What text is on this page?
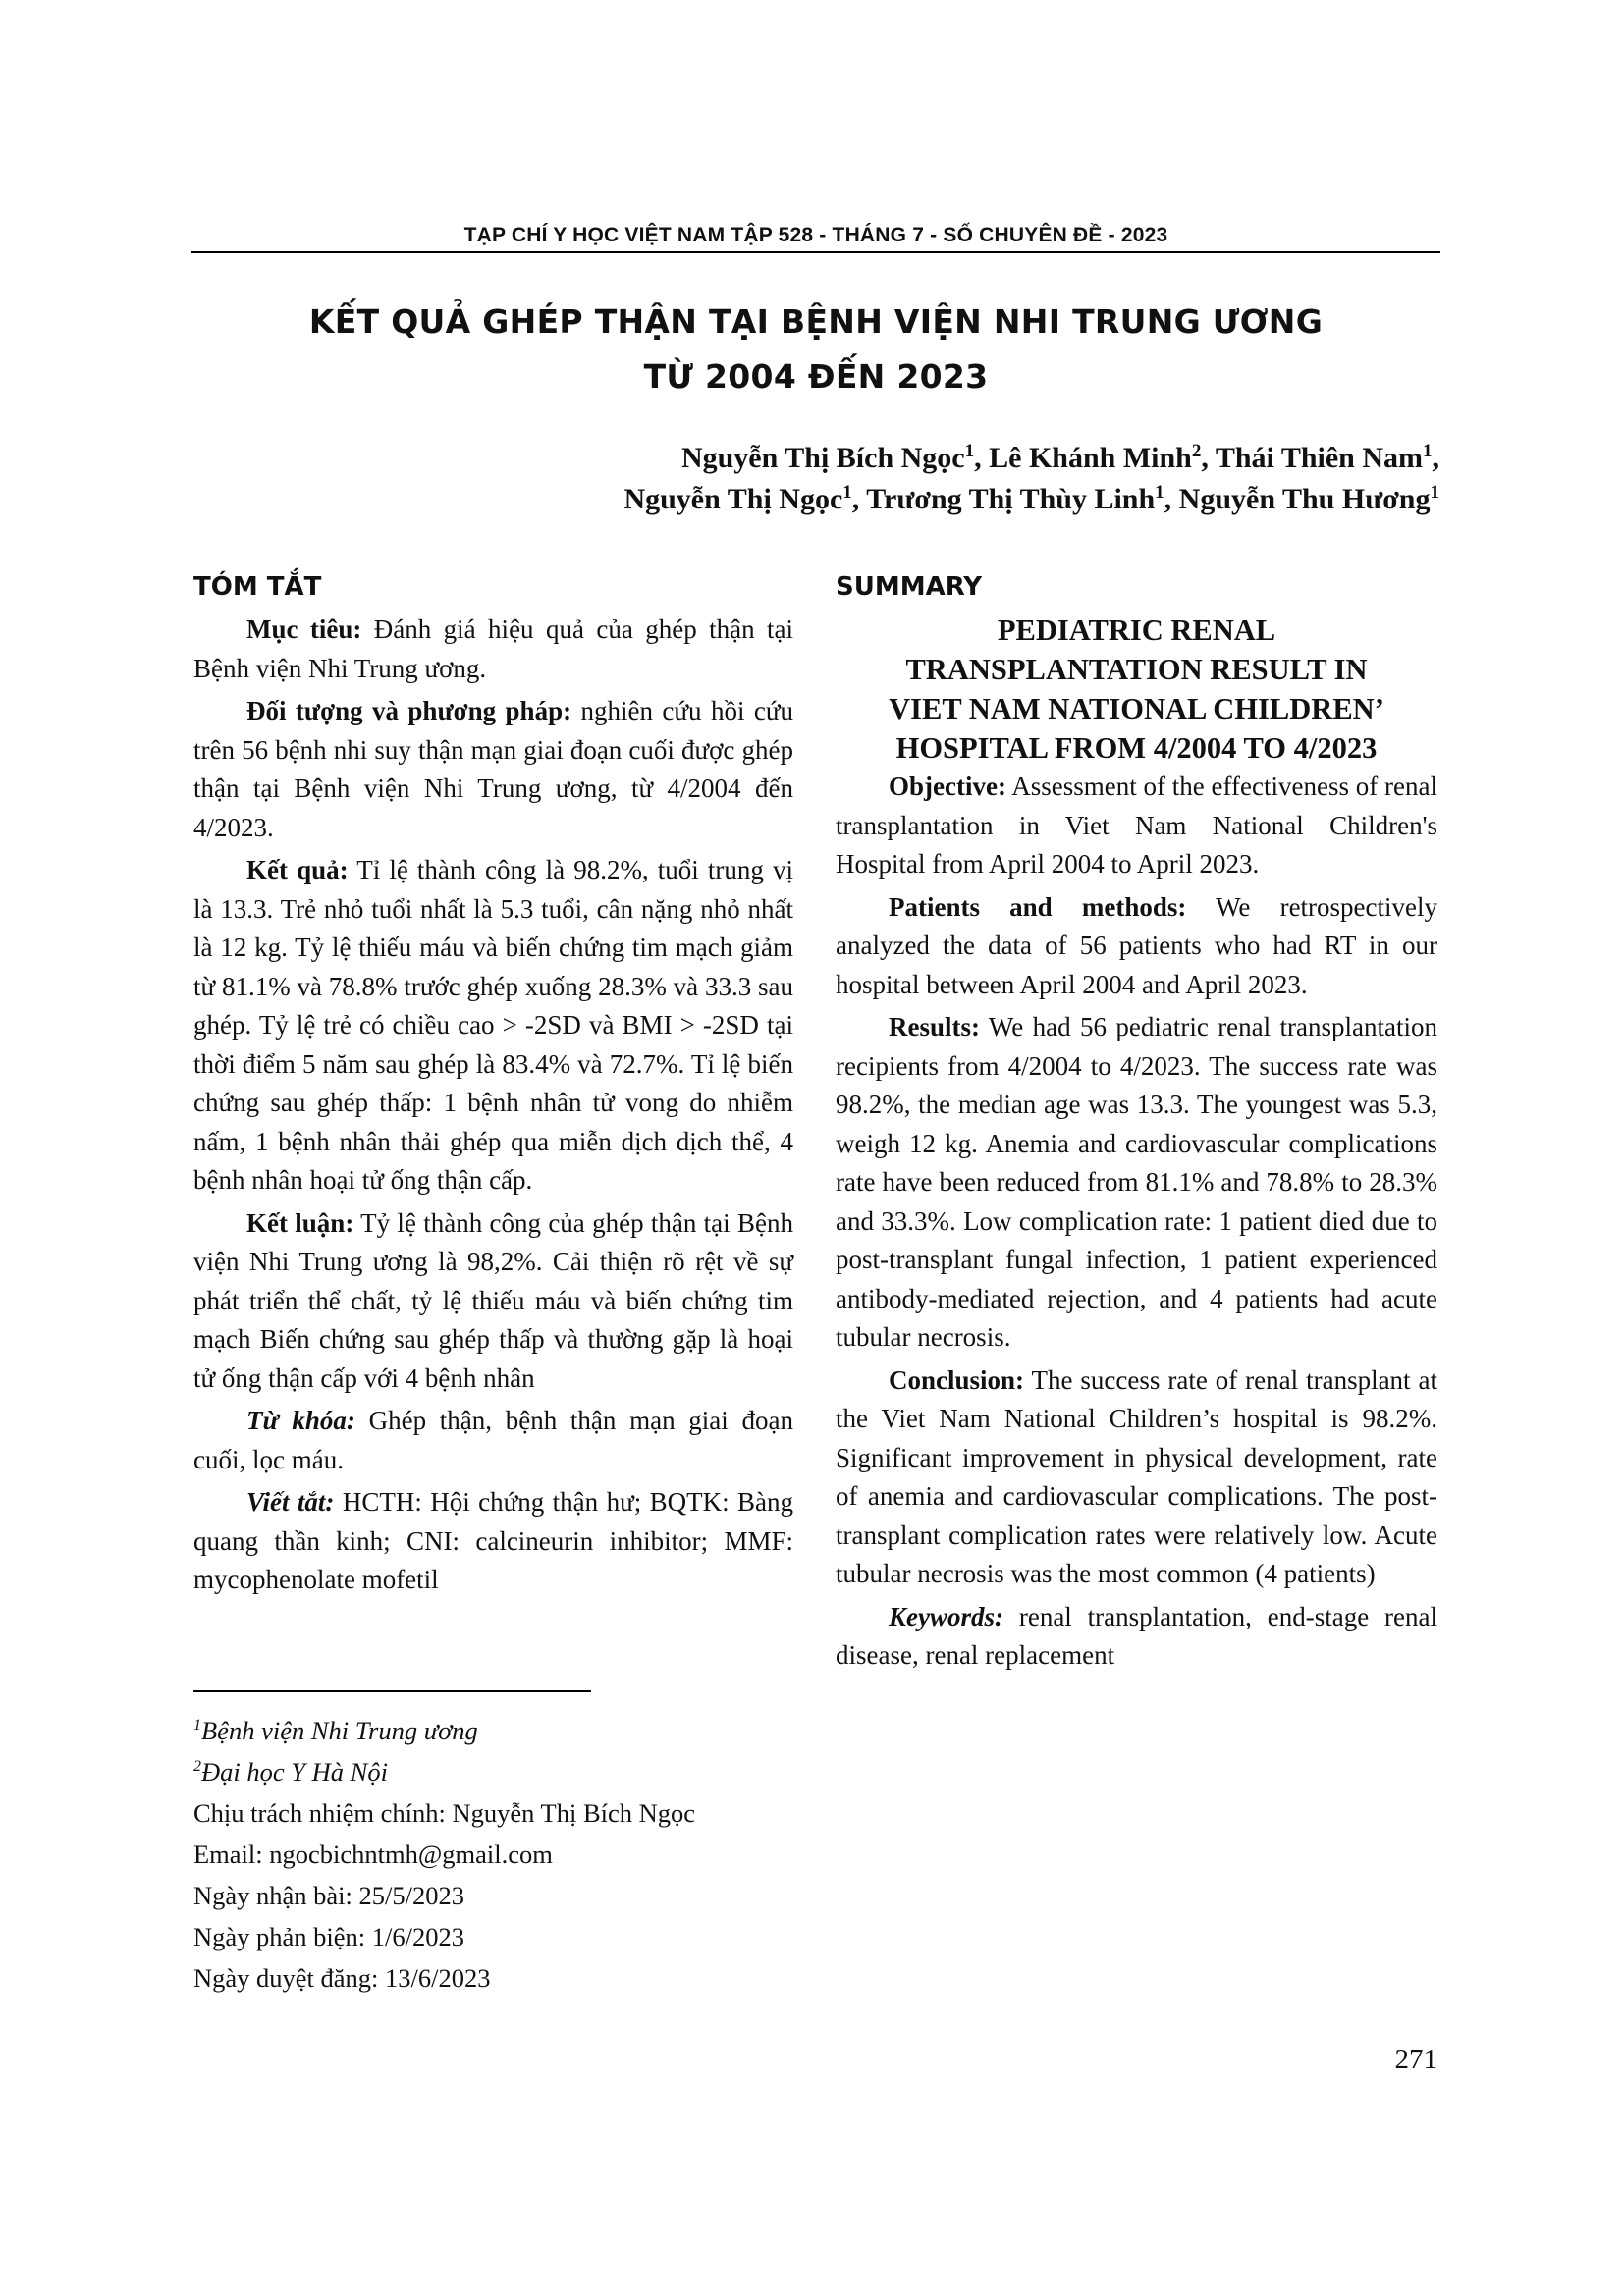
TẠP CHÍ Y HỌC VIỆT NAM TẬP 528 - THÁNG 7 - SỐ CHUYÊN ĐỀ - 2023
KẾT QUẢ GHÉP THẬN TẠI BỆNH VIỆN NHI TRUNG ƯƠNG
TỪ 2004 ĐẾN 2023
Nguyễn Thị Bích Ngọc$^1$, Lê Khánh Minh$^2$, Thái Thiên Nam$^1$,
Nguyễn Thị Ngọc$^1$, Trương Thị Thùy Linh$^1$, Nguyễn Thu Hương$^1$
TÓM TẮT

Mục tiêu: Đánh giá hiệu quả của ghép thận tại Bệnh viện Nhi Trung ương.

Đối tượng và phương pháp: nghiên cứu hồi cứu trên 56 bệnh nhi suy thận mạn giai đoạn cuối được ghép thận tại Bệnh viện Nhi Trung ương, từ 4/2004 đến 4/2023.

Kết quả: Tỉ lệ thành công là 98.2%, tuổi trung vị là 13.3. Trẻ nhỏ tuổi nhất là 5.3 tuổi, cân nặng nhỏ nhất là 12 kg. Tỷ lệ thiếu máu và biến chứng tim mạch giảm từ 81.1% và 78.8% trước ghép xuống 28.3% và 33.3 sau ghép. Tỷ lệ trẻ có chiều cao > -2SD và BMI > -2SD tại thời điểm 5 năm sau ghép là 83.4% và 72.7%. Tỉ lệ biến chứng sau ghép thấp: 1 bệnh nhân tử vong do nhiễm nấm, 1 bệnh nhân thải ghép qua miễn dịch dịch thể, 4 bệnh nhân hoại tử ống thận cấp.

Kết luận: Tỷ lệ thành công của ghép thận tại Bệnh viện Nhi Trung ương là 98,2%. Cải thiện rõ rệt về sự phát triển thể chất, tỷ lệ thiếu máu và biến chứng tim mạch Biến chứng sau ghép thấp và thường gặp là hoại tử ống thận cấp với 4 bệnh nhân

Từ khóa: Ghép thận, bệnh thận mạn giai đoạn cuối, lọc máu.

Viết tắt: HCTH: Hội chứng thận hư; BQTK: Bàng quang thần kinh; CNI: calcineurin inhibitor; MMF: mycophenolate mofetil

$^1$Bệnh viện Nhi Trung ương
$^2$Đại học Y Hà Nội
Chịu trách nhiệm chính: Nguyễn Thị Bích Ngọc
Email: ngocbichntmh@gmail.com
Ngày nhận bài: 25/5/2023
Ngày phản biện: 1/6/2023
Ngày duyệt đăng: 13/6/2023
SUMMARY
PEDIATRIC RENAL
TRANSPLANTATION RESULT IN
VIET NAM NATIONAL CHILDREN’
HOSPITAL FROM 4/2004 TO 4/2023

Objective: Assessment of the effectiveness of renal transplantation in Viet Nam National Children's Hospital from April 2004 to April 2023.

Patients and methods: We retrospectively analyzed the data of 56 patients who had RT in our hospital between April 2004 and April 2023.

Results: We had 56 pediatric renal transplantation recipients from 4/2004 to 4/2023. The success rate was 98.2%, the median age was 13.3. The youngest was 5.3, weigh 12 kg. Anemia and cardiovascular complications rate have been reduced from 81.1% and 78.8% to 28.3% and 33.3%. Low complication rate: 1 patient died due to post-transplant fungal infection, 1 patient experienced antibody-mediated rejection, and 4 patients had acute tubular necrosis.

Conclusion: The success rate of renal transplant at the Viet Nam National Children’s hospital is 98.2%. Significant improvement in physical development, rate of anemia and cardiovascular complications. The post-transplant complication rates were relatively low. Acute tubular necrosis was the most common (4 patients)

Keywords: renal transplantation, end-stage renal disease, renal replacement

271
